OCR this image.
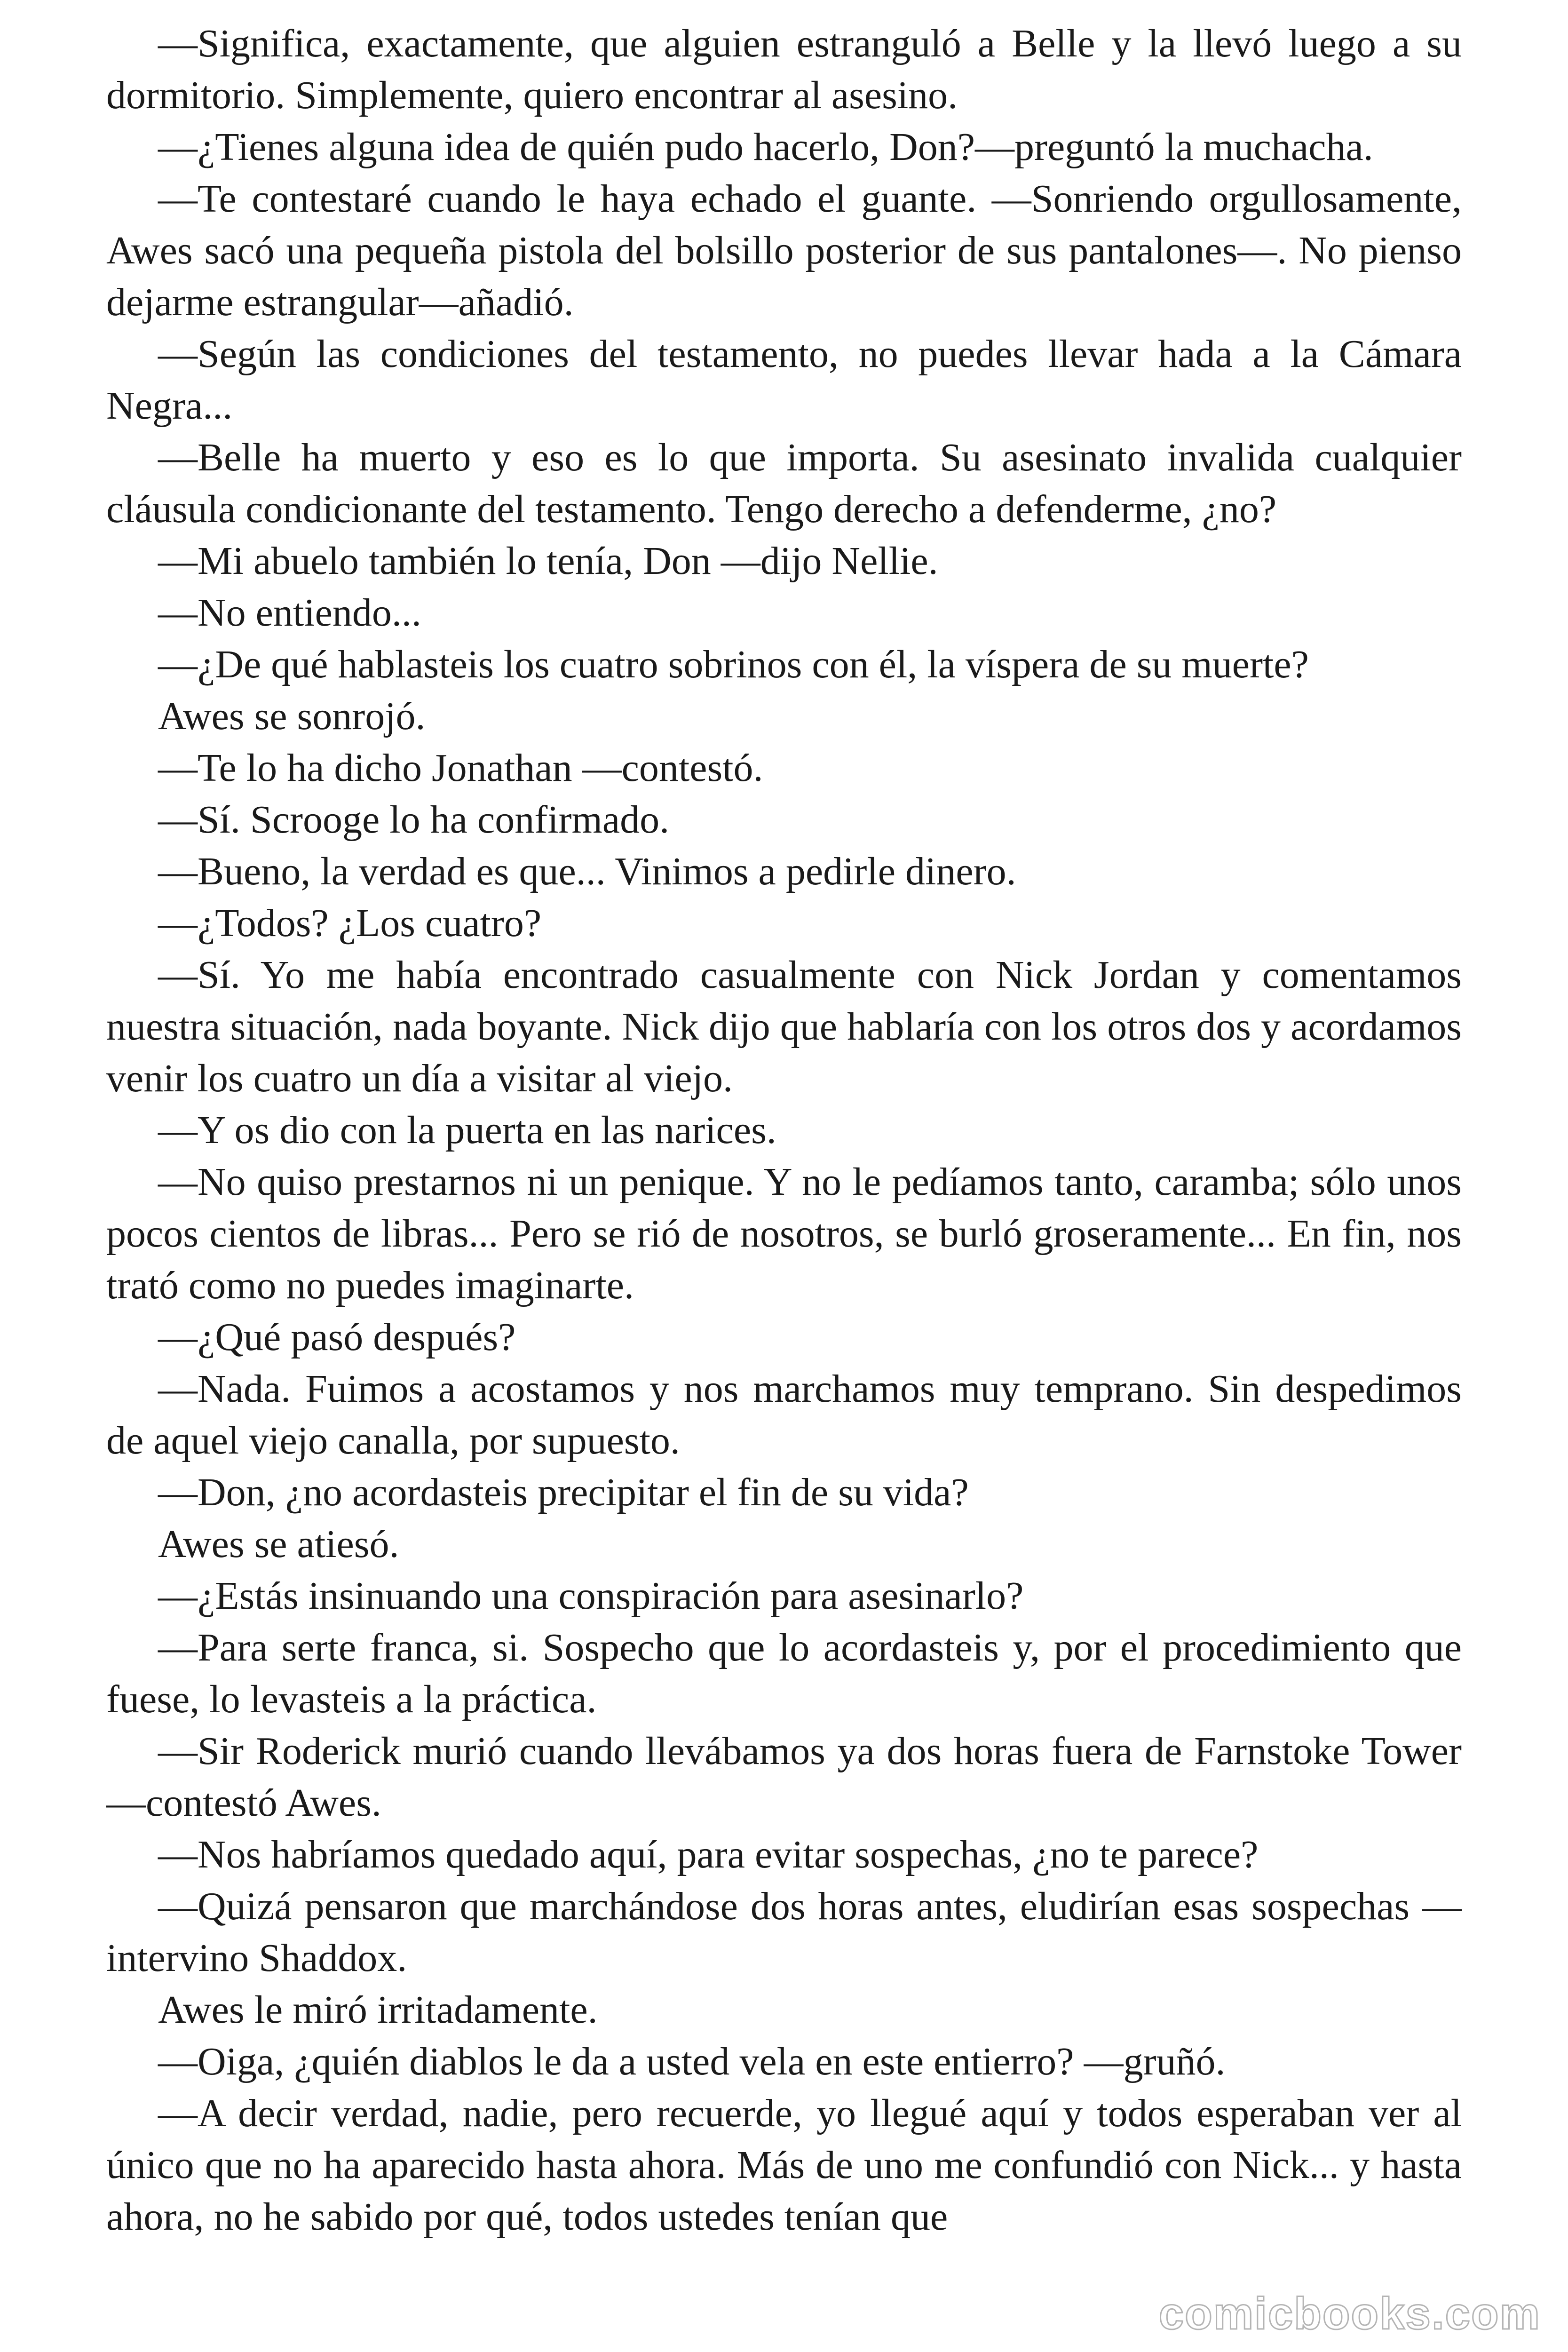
—Significa, exactamente, que alguien estranguló a Belle y la llevó luego a su dormitorio. Simplemente, quiero encontrar al asesino.

—¿Tienes alguna idea de quién pudo hacerlo, Don?—preguntó la muchacha.

—Te contestaré cuando le haya echado el guante. —Sonriendo orgullosamente, Awes sacó una pequeña pistola del bolsillo posterior de sus pantalones—. No pienso dejarme estrangular—añadió.

—Según las condiciones del testamento, no puedes llevar hada a la Cámara Negra...

—Belle ha muerto y eso es lo que importa. Su asesinato invalida cualquier cláusula condicionante del testamento. Tengo derecho a defenderme, ¿no?

—Mi abuelo también lo tenía, Don —dijo Nellie.

—No entiendo...

—¿De qué hablasteis los cuatro sobrinos con él, la víspera de su muerte?

Awes se sonrojó.

—Te lo ha dicho Jonathan —contestó.

—Sí. Scrooge lo ha confirmado.

—Bueno, la verdad es que... Vinimos a pedirle dinero.

—¿Todos? ¿Los cuatro?

—Sí. Yo me había encontrado casualmente con Nick Jordan y comentamos nuestra situación, nada boyante. Nick dijo que hablaría con los otros dos y acordamos venir los cuatro un día a visitar al viejo.

—Y os dio con la puerta en las narices.

—No quiso prestarnos ni un penique. Y no le pedíamos tanto, caramba; sólo unos pocos cientos de libras... Pero se rió de nosotros, se burló groseramente... En fin, nos trató como no puedes imaginarte.

—¿Qué pasó después?

—Nada. Fuimos a acostamos y nos marchamos muy temprano. Sin despedimos de aquel viejo canalla, por supuesto.

—Don, ¿no acordasteis precipitar el fin de su vida?

Awes se atiesó.

—¿Estás insinuando una conspiración para asesinarlo?

—Para serte franca, si. Sospecho que lo acordasteis y, por el procedimiento que fuese, lo levasteis a la práctica.

—Sir Roderick murió cuando llevábamos ya dos horas fuera de Farnstoke Tower —contestó Awes.

—Nos habríamos quedado aquí, para evitar sospechas, ¿no te parece?

—Quizá pensaron que marchándose dos horas antes, eludirían esas sospechas —intervino Shaddox.

Awes le miró irritadamente.

—Oiga, ¿quién diablos le da a usted vela en este entierro? —gruñó.

—A decir verdad, nadie, pero recuerde, yo llegué aquí y todos esperaban ver al único que no ha aparecido hasta ahora. Más de uno me confundió con Nick... y hasta ahora, no he sabido por qué, todos ustedes tenían que

comicbooks.com
